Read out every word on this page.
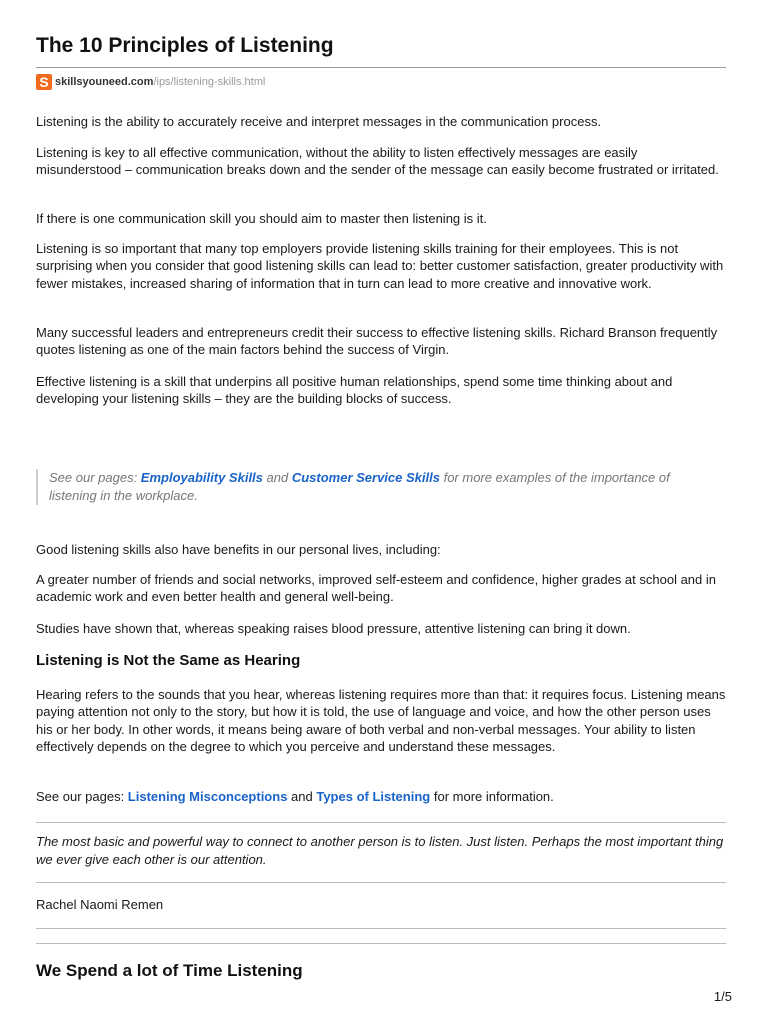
The 10 Principles of Listening
S skillsyouneed.com /ips/listening-skills.html

Listening is the ability to accurately receive and interpret messages in the communication process.

Listening is key to all effective communication, without the ability to listen effectively messages are easily misunderstood – communication breaks down and the sender of the message can easily become frustrated or irritated.

If there is one communication skill you should aim to master then listening is it.

Listening is so important that many top employers provide listening skills training for their employees. This is not surprising when you consider that good listening skills can lead to: better customer satisfaction, greater productivity with fewer mistakes, increased sharing of information that in turn can lead to more creative and innovative work.

Many successful leaders and entrepreneurs credit their success to effective listening skills. Richard Branson frequently quotes listening as one of the main factors behind the success of Virgin.

Effective listening is a skill that underpins all positive human relationships, spend some time thinking about and developing your listening skills – they are the building blocks of success.

See our pages: Employability Skills and Customer Service Skills for more examples of the importance of listening in the workplace.

Good listening skills also have benefits in our personal lives, including:

A greater number of friends and social networks, improved self-esteem and confidence, higher grades at school and in academic work and even better health and general well-being.

Studies have shown that, whereas speaking raises blood pressure, attentive listening can bring it down.

Listening is Not the Same as Hearing

Hearing refers to the sounds that you hear, whereas listening requires more than that: it requires focus. Listening means paying attention not only to the story, but how it is told, the use of language and voice, and how the other person uses his or her body. In other words, it means being aware of both verbal and non-verbal messages. Your ability to listen effectively depends on the degree to which you perceive and understand these messages.

See our pages: Listening Misconceptions and Types of Listening for more information.

The most basic and powerful way to connect to another person is to listen. Just listen. Perhaps the most important thing we ever give each other is our attention.
Rachel Naomi Remen
We Spend a lot of Time Listening
1/5
